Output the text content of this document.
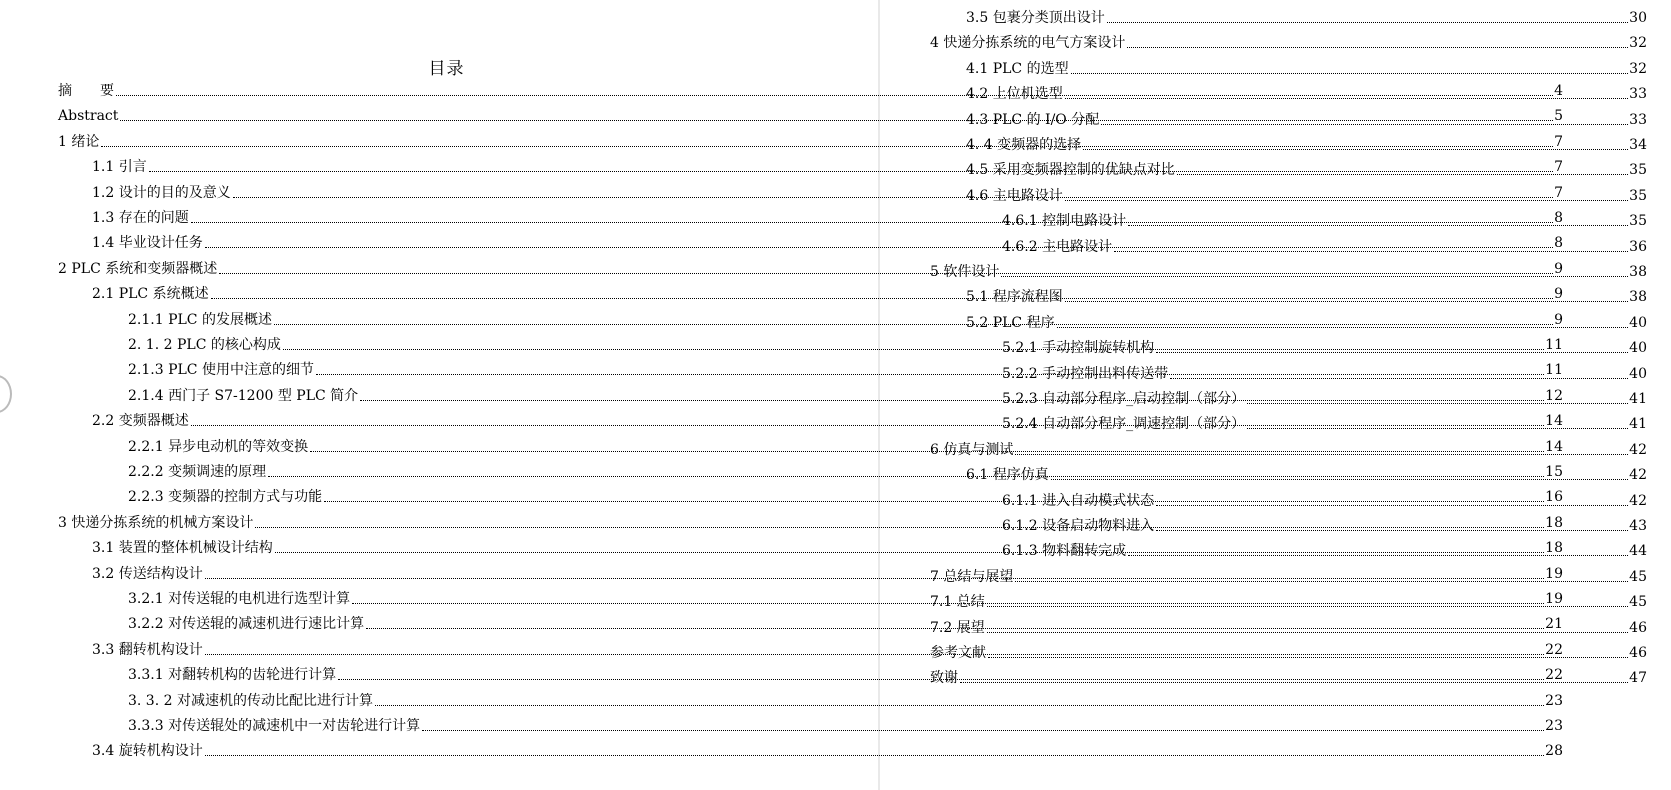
目录
摘　　要	4
Abstract	5
1 绪论	7
1.1 引言	7
1.2 设计的目的及意义	7
1.3 存在的问题	8
1.4 毕业设计任务	8
2 PLC 系统和变频器概述	9
2.1 PLC 系统概述	9
2.1.1 PLC 的发展概述	9
2. 1. 2 PLC 的核心构成	11
2.1.3 PLC 使用中注意的细节	11
2.1.4 西门子 S7-1200 型 PLC 简介	12
2.2 变频器概述	14
2.2.1 异步电动机的等效变换	14
2.2.2 变频调速的原理	15
2.2.3 变频器的控制方式与功能	16
3 快递分拣系统的机械方案设计	18
3.1 装置的整体机械设计结构	18
3.2 传送结构设计	19
3.2.1 对传送辊的电机进行选型计算	19
3.2.2 对传送辊的减速机进行速比计算	21
3.3 翻转机构设计	22
3.3.1 对翻转机构的齿轮进行计算	22
3. 3. 2 对减速机的传动比配比进行计算	23
3.3.3 对传送辊处的减速机中一对齿轮进行计算	23
3.4 旋转机构设计	28
3.5 包裹分类顶出设计	30
4 快递分拣系统的电气方案设计	32
4.1 PLC 的选型	32
4.2 上位机选型	33
4.3 PLC 的 I/O 分配	33
4. 4 变频器的选择	34
4.5 采用变频器控制的优缺点对比	35
4.6 主电路设计	35
4.6.1 控制电路设计	35
4.6.2 主电路设计	36
5 软件设计	38
5.1 程序流程图	38
5.2 PLC 程序	40
5.2.1 手动控制旋转机构	40
5.2.2 手动控制出料传送带	40
5.2.3 自动部分程序_启动控制（部分）	41
5.2.4 自动部分程序_调速控制（部分）	41
6 仿真与测试	42
6.1 程序仿真	42
6.1.1 进入自动模式状态	42
6.1.2 设备启动物料进入	43
6.1.3 物料翻转完成	44
7 总结与展望	45
7.1 总结	45
7.2 展望	46
参考文献	46
致谢	47
